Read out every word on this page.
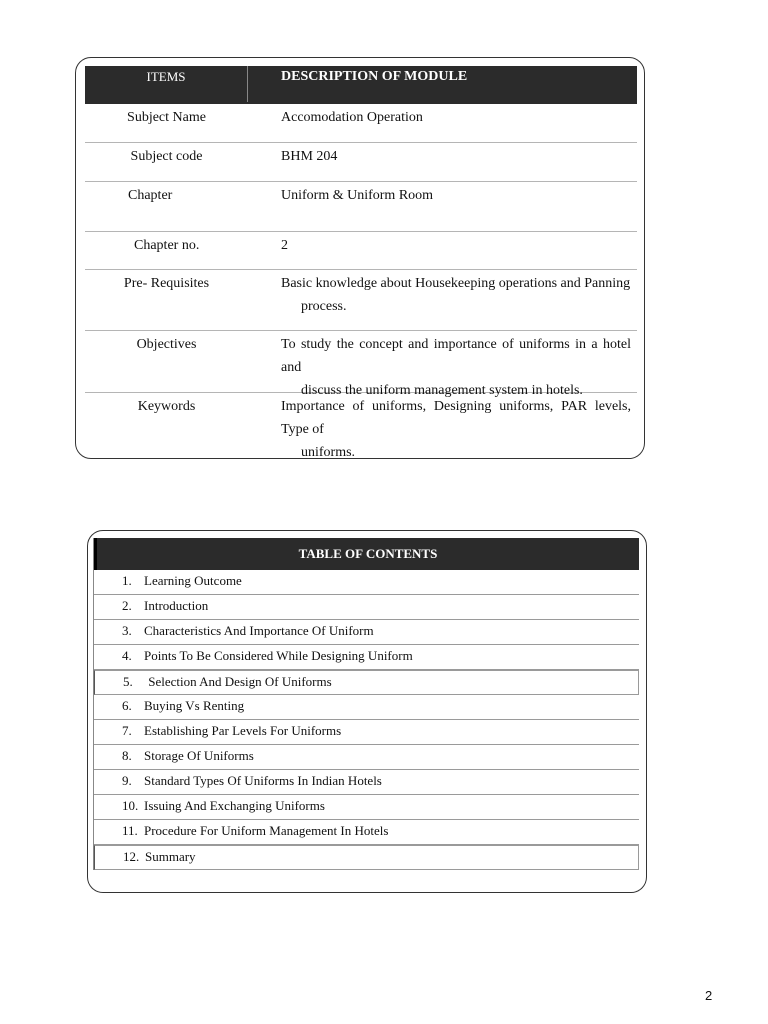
ITEMS	DESCRIPTION OF MODULE
Subject Name	Accomodation Operation
Subject code	BHM 204
Chapter	Uniform & Uniform Room
Chapter no.	2
Pre- Requisites	Basic knowledge about Housekeeping operations and Panning
process.
Objectives	To study the concept and importance of uniforms in a hotel and
discuss the uniform management system in hotels.
Keywords	Importance of uniforms, Designing uniforms, PAR levels, Type of
uniforms.
TABLE OF CONTENTS
1. Learning Outcome
2. Introduction
3. Characteristics And Importance Of Uniform
4. Points To Be Considered While Designing Uniform
5. Selection And Design Of Uniforms
6. Buying Vs Renting
7. Establishing Par Levels For Uniforms
8. Storage Of Uniforms
9. Standard Types Of Uniforms In Indian Hotels
10. Issuing And Exchanging Uniforms
11. Procedure For Uniform Management In Hotels
12. Summary
2
